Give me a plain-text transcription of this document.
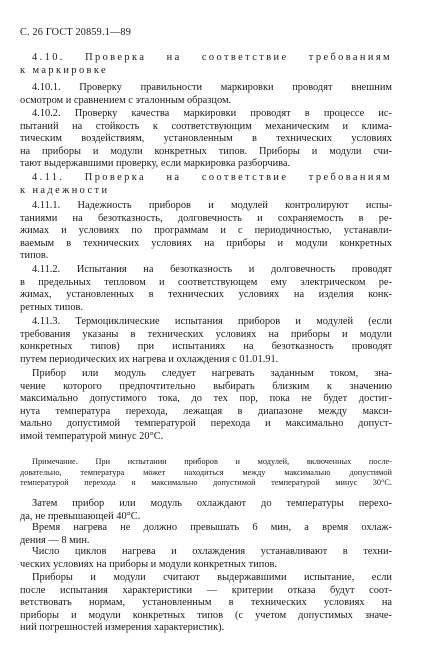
С. 26 ГОСТ 20859.1—89
4.10. Проверка на соответствие требованиям
к маркировке
4.10.1. Проверку правильности маркировки проводят внешним
осмотром и сравнением с эталонным образцом.
4.10.2. Проверку качества маркировки проводят в процессе ис-
пытаний на стойкость к соответствующим механическим и клима-
тическим воздействиям, установленным в технических условиях
на приборы и модули конкретных типов. Приборы и модули счи-
тают выдержавшими проверку, если маркировка разборчива.
4.11. Проверка на соответствие требованиям
к надежности
4.11.1. Надежность приборов и модулей контролируют испы-
таниями на безотказность, долговечность и сохраняемость в ре-
жимах и условиях по программам и с периодичностью, устанавли-
ваемым в технических условиях на приборы и модули конкретных
типов.
4.11.2. Испытания на безотказность и долговечность проводят
в предельных тепловом и соответствующем ему электрическом ре-
жимах, установленных в технических условиях на изделия конк-
ретных типов.
4.11.3. Термоциклические испытания приборов и модулей (если
требования указаны в технических условиях на приборы и модули
конкретных типов) при испытаниях на безотказность проводят
путем периодических их нагрева и охлаждения с 01.01.91.
Прибор или модуль следует нагревать заданным током, зна-
чение которого предпочтительно выбирать близким к значению
максимально допустимого тока, до тех пор, пока не будет достиг-
нута температура перехода, лежащая в диапазоне между макси-
мально допустимой температурой перехода и максимально допуст-
имой температурой минус 20°С.
Примечание. При испытании приборов и модулей, включенных после-
довательно, температура может находиться между максимально допустимой
температурой перехода и максимально допустимой температурой минус 30°С.
Затем прибор или модуль охлаждают до температуры перехо-
да, не превышающей 40°С.
Время нагрева не должно превышать 6 мин, а время охлаж-
дения — 8 мин.
Число циклов нагрева и охлаждения устанавливают в техни-
ческих условиях на приборы и модули конкретных типов.
Приборы и модули считают выдержавшими испытание, если
после испытания характеристики — критерии отказа будут соот-
ветствовать нормам, установленным в технических условиях на
приборы и модули конкретных типов (с учетом допустимых значе-
ний погрешностей измерения характеристик).
